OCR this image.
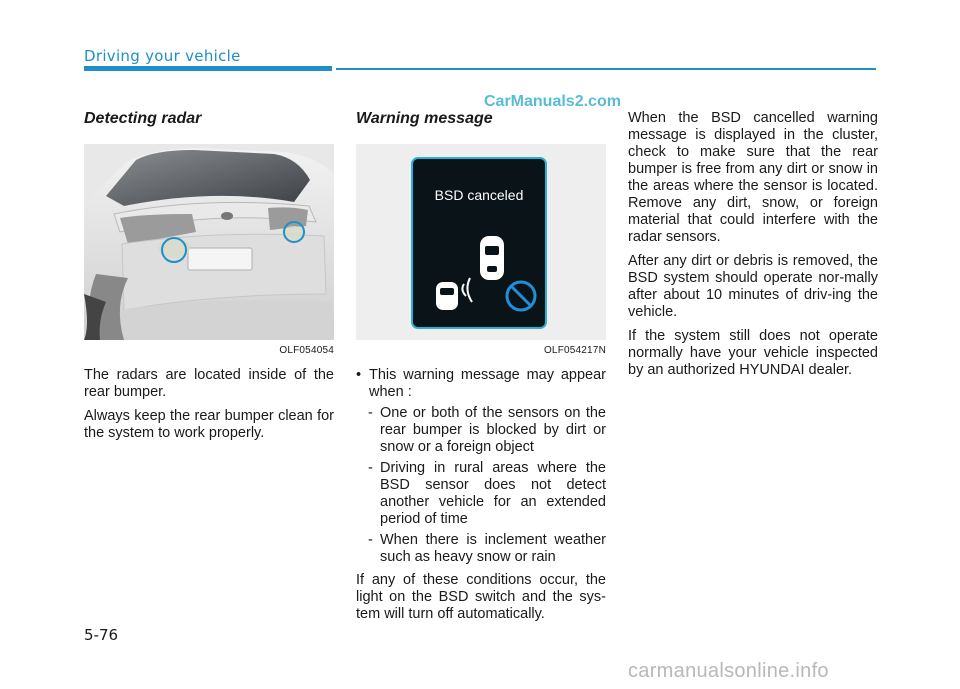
Driving your vehicle
CarManuals2.com
Detecting radar
OLF054054

The radars are located inside of the rear bumper.

Always keep the rear bumper clean for the system to work properly.

Warning message
BSD canceled
OLF054217N
• This warning message may appear when :
- One or both of the sensors on the rear bumper is blocked by dirt or snow or a foreign object
- Driving in rural areas where the BSD sensor does not detect another vehicle for an extended period of time
- When there is inclement weather such as heavy snow or rain

If any of these conditions occur, the light on the BSD switch and the sys-tem will turn off automatically.

When the BSD cancelled warning message is displayed in the cluster, check to make sure that the rear bumper is free from any dirt or snow in the areas where the sensor is located. Remove any dirt, snow, or foreign material that could interfere with the radar sensors.

After any dirt or debris is removed, the BSD system should operate nor-mally after about 10 minutes of driv-ing the vehicle.

If the system still does not operate normally have your vehicle inspected by an authorized HYUNDAI dealer.

5-76
carmanualsonline.info
